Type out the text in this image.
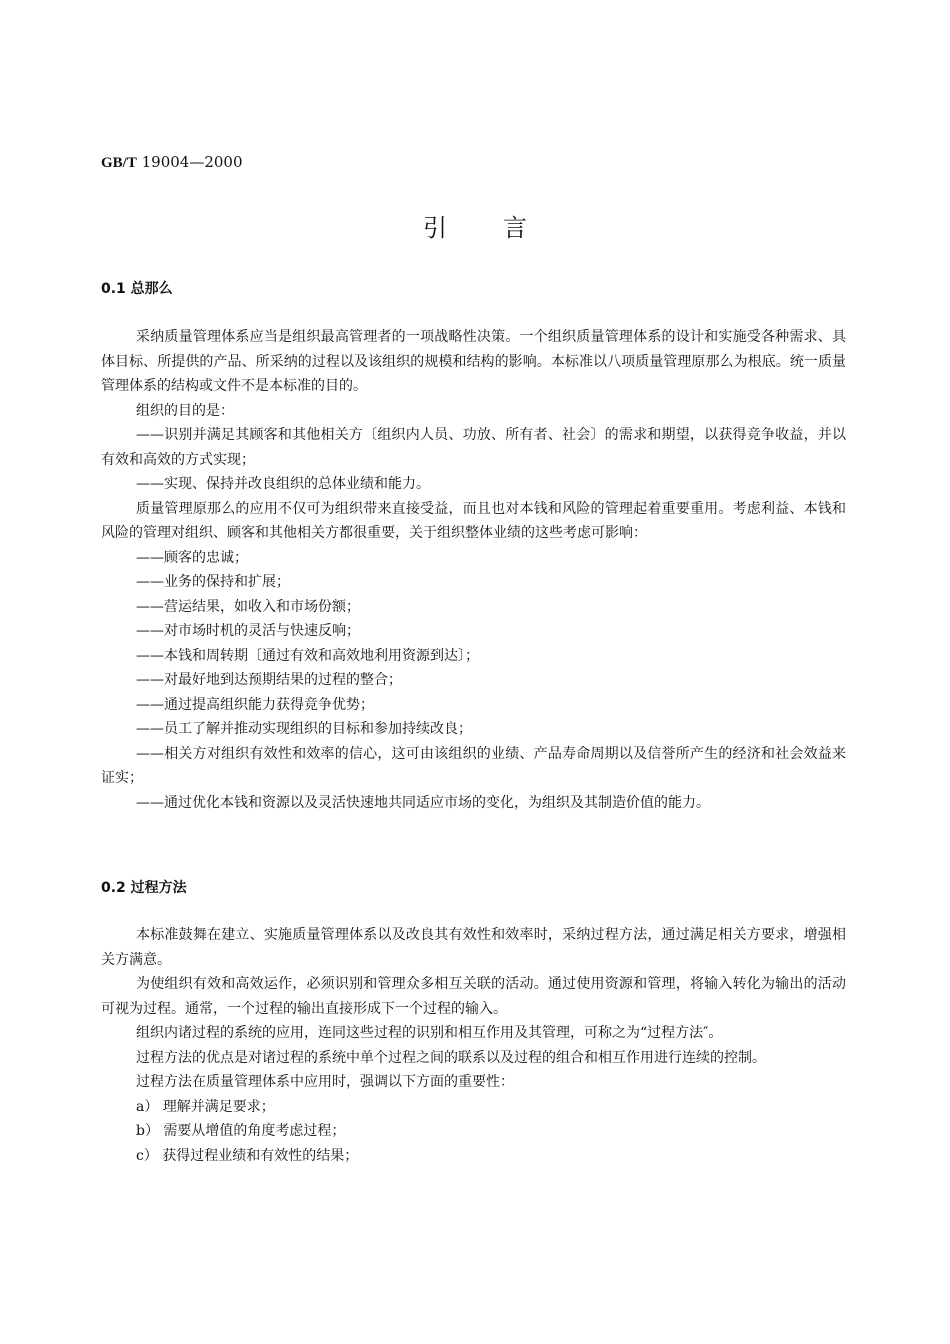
GB/T 19004—2000
引 言
0.1 总那么

采纳质量管理体系应当是组织最高管理者的一项战略性决策。一个组织质量管理体系的设计和实施受各种需求、具体目标、所提供的产品、所采纳的过程以及该组织的规模和结构的影响。本标准以八项质量管理原那么为根底。统一质量管理体系的结构或文件不是本标准的目的。

组织的目的是：

——识别并满足其顾客和其他相关方〔组织内人员、功放、所有者、社会〕的需求和期望，以获得竞争收益，并以有效和高效的方式实现；

——实现、保持并改良组织的总体业绩和能力。

质量管理原那么的应用不仅可为组织带来直接受益，而且也对本钱和风险的管理起着重要重用。考虑利益、本钱和风险的管理对组织、顾客和其他相关方都很重要，关于组织整体业绩的这些考虑可影响：

——顾客的忠诚；

——业务的保持和扩展；

——营运结果，如收入和市场份额；

——对市场时机的灵活与快速反响；

——本钱和周转期〔通过有效和高效地利用资源到达〕；

——对最好地到达预期结果的过程的整合；

——通过提高组织能力获得竞争优势；

——员工了解并推动实现组织的目标和参加持续改良；

——相关方对组织有效性和效率的信心，这可由该组织的业绩、产品寿命周期以及信誉所产生的经济和社会效益来证实；

——通过优化本钱和资源以及灵活快速地共同适应市场的变化，为组织及其制造价值的能力。

0.2 过程方法

本标准鼓舞在建立、实施质量管理体系以及改良其有效性和效率时，采纳过程方法，通过满足相关方要求，增强相关方满意。

为使组织有效和高效运作，必须识别和管理众多相互关联的活动。通过使用资源和管理，将输入转化为输出的活动可视为过程。通常，一个过程的输出直接形成下一个过程的输入。

组织内诸过程的系统的应用，连同这些过程的识别和相互作用及其管理，可称之为“过程方法″。

过程方法的优点是对诸过程的系统中单个过程之间的联系以及过程的组合和相互作用进行连续的控制。

过程方法在质量管理体系中应用时，强调以下方面的重要性：

a） 理解并满足要求；

b） 需要从增值的角度考虑过程；

c） 获得过程业绩和有效性的结果；
